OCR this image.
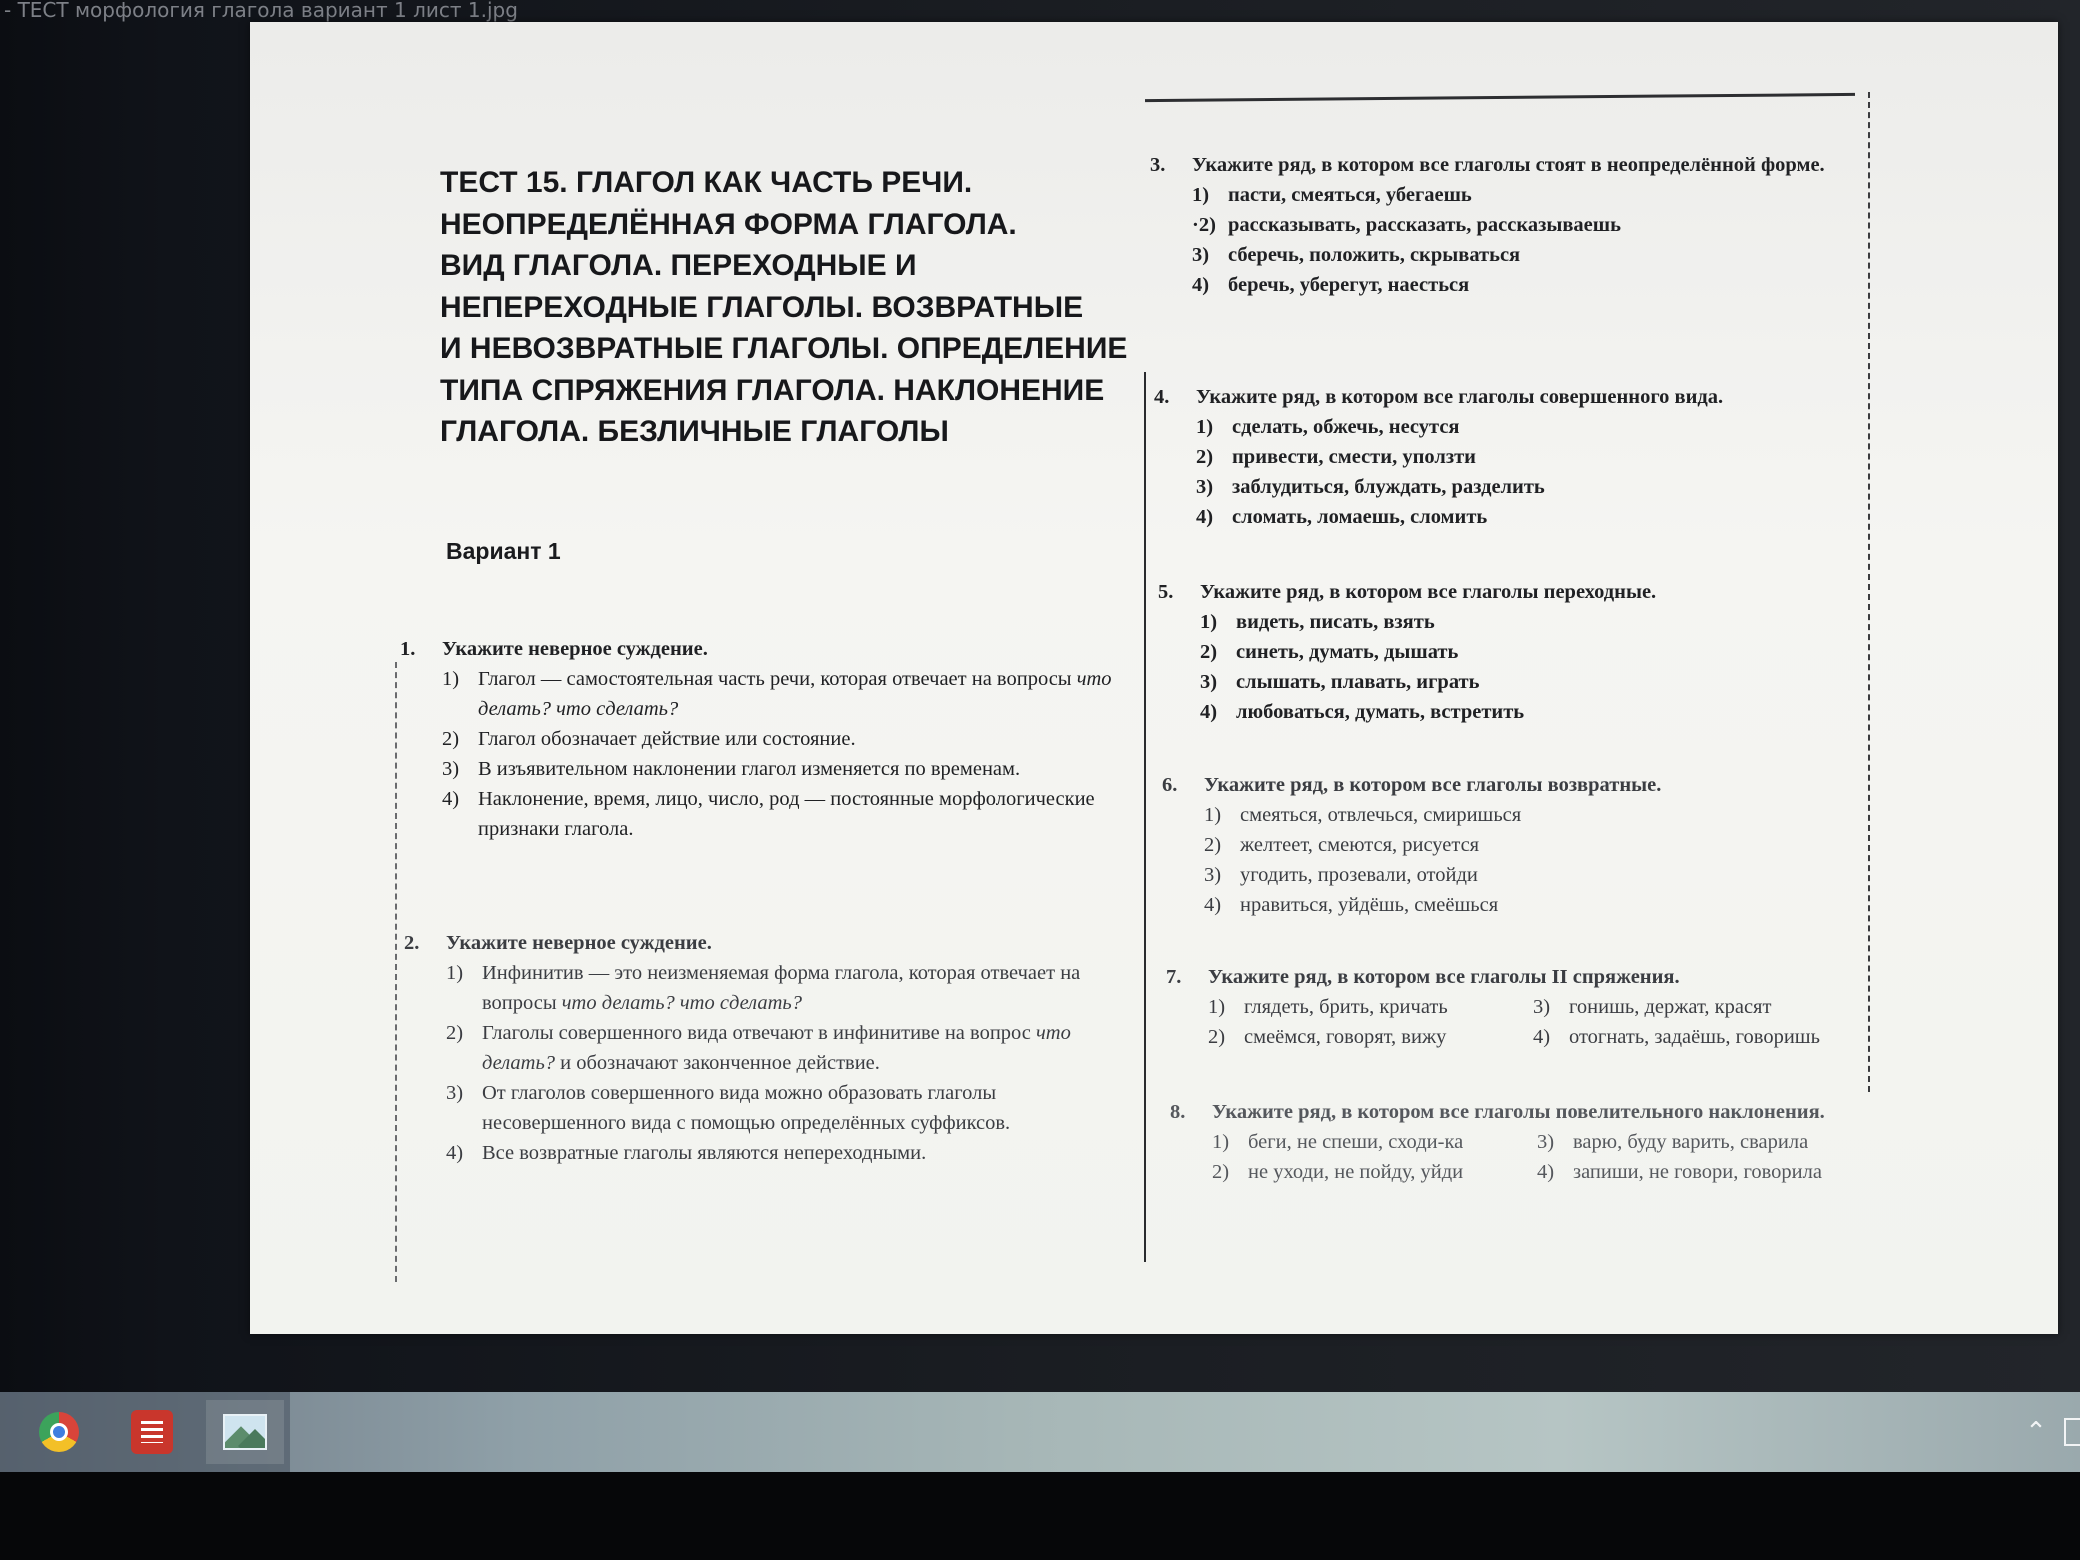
- ТЕСТ морфология глагола вариант 1 лист 1.jpg
ТЕСТ 15. ГЛАГОЛ КАК ЧАСТЬ РЕЧИ.
НЕОПРЕДЕЛЁННАЯ ФОРМА ГЛАГОЛА.
ВИД ГЛАГОЛА. ПЕРЕХОДНЫЕ И
НЕПЕРЕХОДНЫЕ ГЛАГОЛЫ. ВОЗВРАТНЫЕ
И НЕВОЗВРАТНЫЕ ГЛАГОЛЫ. ОПРЕДЕЛЕНИЕ
ТИПА СПРЯЖЕНИЯ ГЛАГОЛА. НАКЛОНЕНИЕ
ГЛАГОЛА. БЕЗЛИЧНЫЕ ГЛАГОЛЫ
Вариант 1
1.	Укажите неверное суждение.
1) Глагол — самостоятельная часть речи, которая отвечает на вопросы что делать? что сделать?
2) Глагол обозначает действие или состояние.
3) В изъявительном наклонении глагол изменяется по временам.
4) Наклонение, время, лицо, число, род — постоянные морфологические признаки глагола.
2.	Укажите неверное суждение.
1) Инфинитив — это неизменяемая форма глагола, которая отвечает на вопросы что делать? что сделать?
2) Глаголы совершенного вида отвечают в инфинитиве на вопрос что делать? и обозначают законченное действие.
3) От глаголов совершенного вида можно образовать глаголы несовершенного вида с помощью определённых суффиксов.
4) Все возвратные глаголы являются непереходными.
3.	Укажите ряд, в котором все глаголы стоят в неопределённой форме.
1) пасти, смеяться, убегаешь
·2) рассказывать, рассказать, рассказываешь
3) сберечь, положить, скрываться
4) беречь, уберегут, наесться
4.	Укажите ряд, в котором все глаголы совершенного вида.
1) сделать, обжечь, несутся
2) привести, смести, уползти
3) заблудиться, блуждать, разделить
4) сломать, ломаешь, сломить
5.	Укажите ряд, в котором все глаголы переходные.
1) видеть, писать, взять
2) синеть, думать, дышать
3) слышать, плавать, играть
4) любоваться, думать, встретить
6.	Укажите ряд, в котором все глаголы возвратные.
1) смеяться, отвлечься, смиришься
2) желтеет, смеются, рисуется
3) угодить, прозевали, отойди
4) нравиться, уйдёшь, смеёшься
7.	Укажите ряд, в котором все глаголы II спряжения.
1) глядеть, брить, кричать	3) гонишь, держат, красят
2) смеёмся, говорят, вижу	4) отогнать, задаёшь, говоришь
8.	Укажите ряд, в котором все глаголы повелительного наклонения.
1) беги, не спеши, сходи-ка	3) варю, буду варить, сварила
2) не уходи, не пойду, уйди	4) запиши, не говори, говорила
⌃
